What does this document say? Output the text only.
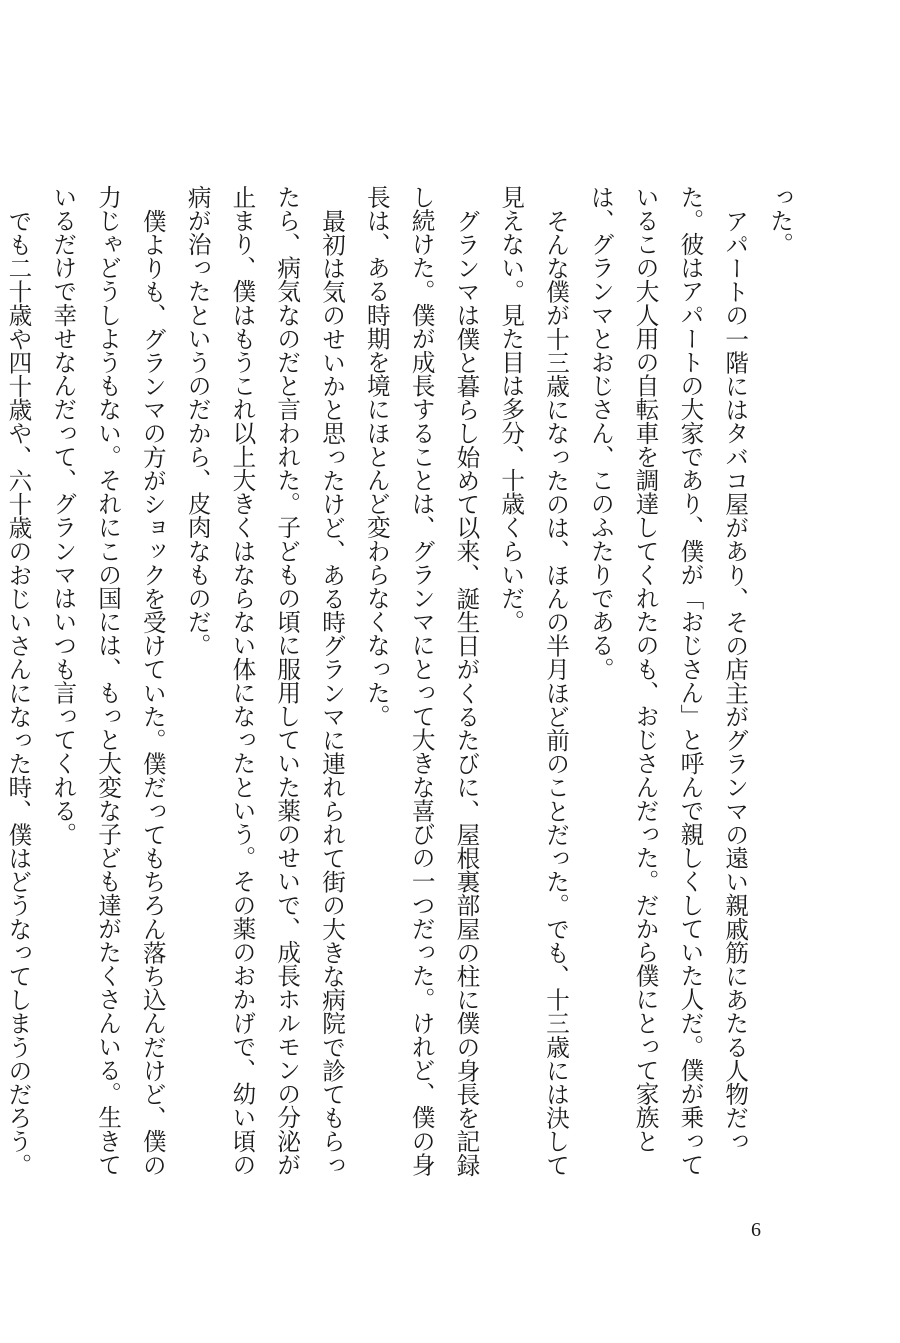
った。

アパートの一階にはタバコ屋があり、その店主がグランマの遠い親戚筋にあたる人物だった。彼はアパートの大家であり、僕が「おじさん」と呼んで親しくしていた人だ。僕が乗っているこの大人用の自転車を調達してくれたのも、おじさんだった。だから僕にとって家族とは、グランマとおじさん、このふたりである。

そんな僕が十三歳になったのは、ほんの半月ほど前のことだった。でも、十三歳には決して見えない。見た目は多分、十歳くらいだ。

グランマは僕と暮らし始めて以来、誕生日がくるたびに、屋根裏部屋の柱に僕の身長を記録し続けた。僕が成長することは、グランマにとって大きな喜びの一つだった。けれど、僕の身長は、ある時期を境にほとんど変わらなくなった。

最初は気のせいかと思ったけど、ある時グランマに連れられて街の大きな病院で診てもらったら、病気なのだと言われた。子どもの頃に服用していた薬のせいで、成長ホルモンの分泌が止まり、僕はもうこれ以上大きくはならない体になったという。その薬のおかげで、幼い頃の病が治ったというのだから、皮肉なものだ。

僕よりも、グランマの方がショックを受けていた。僕だってもちろん落ち込んだけど、僕の力じゃどうしようもない。それにこの国には、もっと大変な子ども達がたくさんいる。生きているだけで幸せなんだって、グランマはいつも言ってくれる。

でも二十歳や四十歳や、六十歳のおじいさんになった時、僕はどうなってしまうのだろう。

6
